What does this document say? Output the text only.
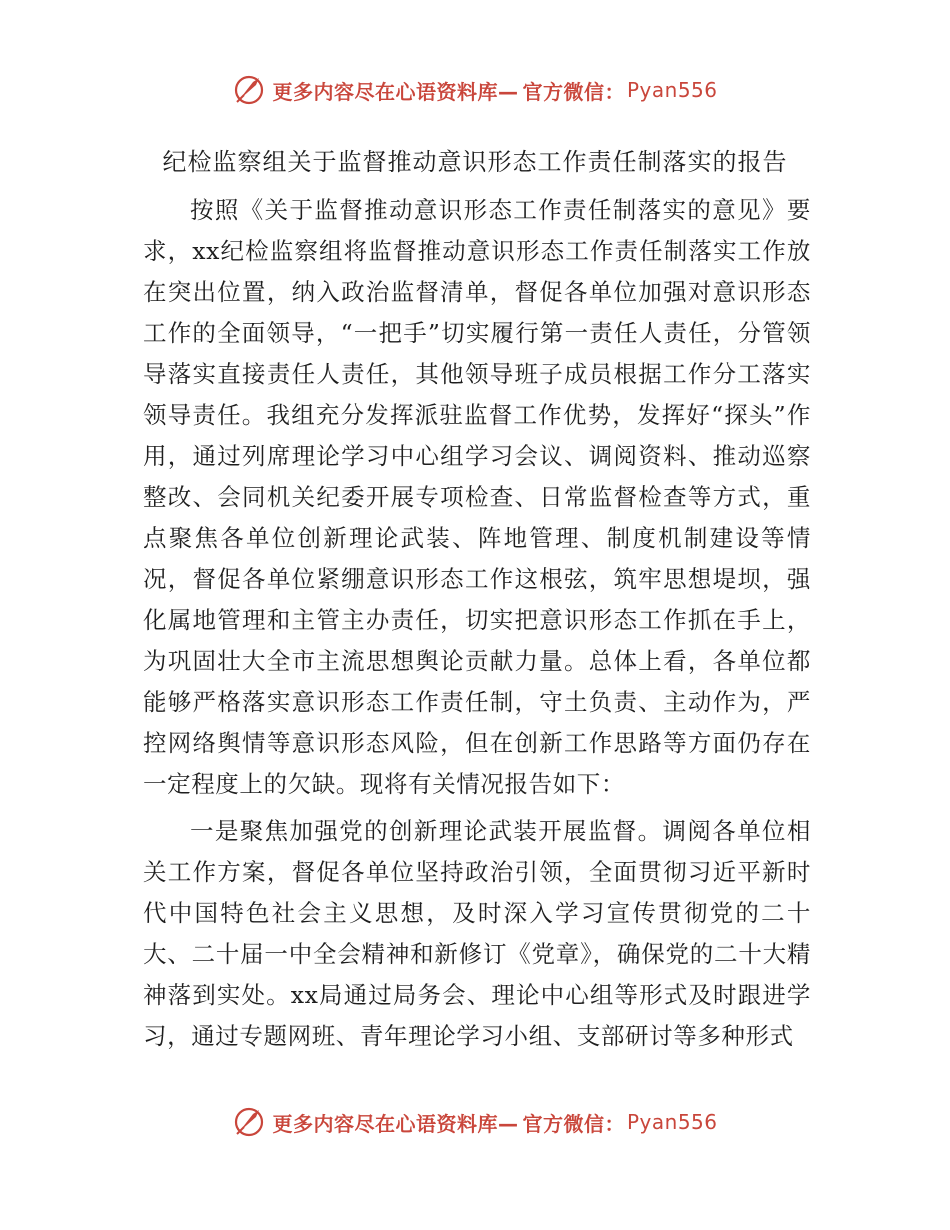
更多内容尽在心语资料库— 官方微信： Pyan556
纪检监察组关于监督推动意识形态工作责任制落实的报告

按照《关于监督推动意识形态工作责任制落实的意见》要求，xx纪检监察组将监督推动意识形态工作责任制落实工作放在突出位置，纳入政治监督清单，督促各单位加强对意识形态工作的全面领导，“一把手”切实履行第一责任人责任，分管领导落实直接责任人责任，其他领导班子成员根据工作分工落实领导责任。我组充分发挥派驻监督工作优势，发挥好“探头”作用，通过列席理论学习中心组学习会议、调阅资料、推动巡察整改、会同机关纪委开展专项检查、日常监督检查等方式，重点聚焦各单位创新理论武装、阵地管理、制度机制建设等情况，督促各单位紧绷意识形态工作这根弦，筑牢思想堤坝，强化属地管理和主管主办责任，切实把意识形态工作抓在手上，为巩固壮大全市主流思想舆论贡献力量。总体上看，各单位都能够严格落实意识形态工作责任制，守土负责、主动作为，严控网络舆情等意识形态风险，但在创新工作思路等方面仍存在一定程度上的欠缺。现将有关情况报告如下：

一是聚焦加强党的创新理论武装开展监督。调阅各单位相关工作方案，督促各单位坚持政治引领，全面贯彻习近平新时代中国特色社会主义思想，及时深入学习宣传贯彻党的二十大、二十届一中全会精神和新修订《党章》，确保党的二十大精神落到实处。xx局通过局务会、理论中心组等形式及时跟进学习，通过专题网班、青年理论学习小组、支部研讨等多种形式

更多内容尽在心语资料库— 官方微信： Pyan556
